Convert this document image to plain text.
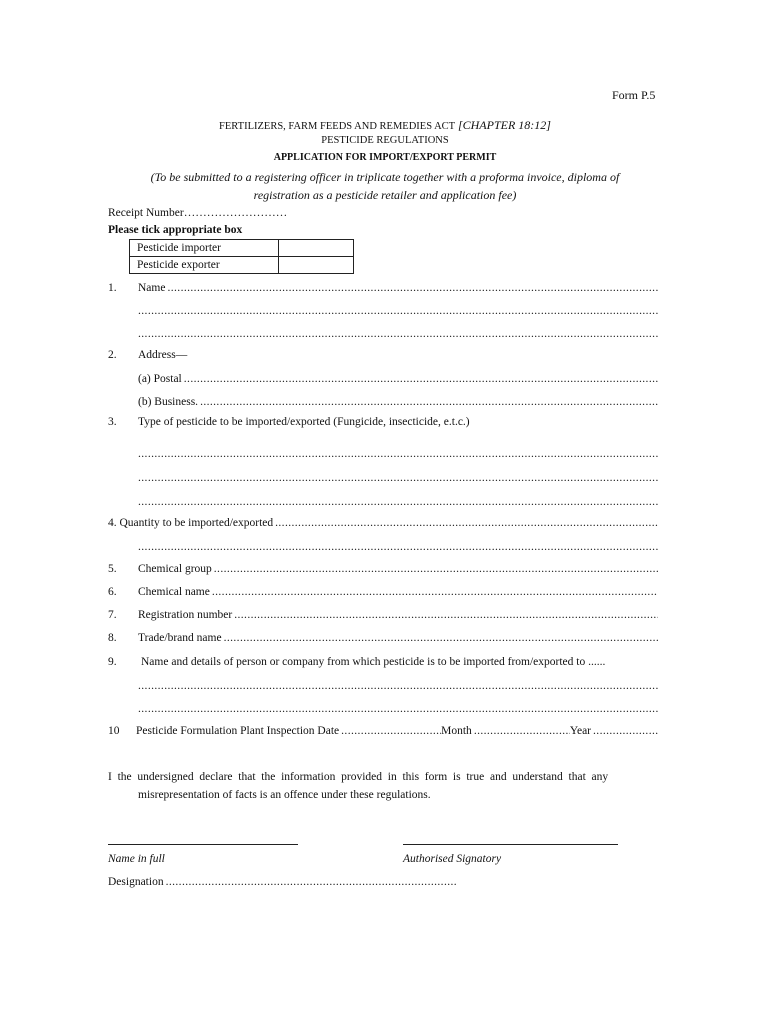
Form P.5
FERTILIZERS, FARM FEEDS AND REMEDIES ACT [CHAPTER 18:12]
PESTICIDE REGULATIONS
APPLICATION FOR IMPORT/EXPORT PERMIT
(To be submitted to a registering officer in triplicate together with a proforma invoice, diploma of
registration as a pesticide retailer and application fee)
Receipt Number………………………
Please tick appropriate box
Pesticide importer	
Pesticide exporter	
1.	Name
.....
.....
.....
2.	Address—
(a) Postal
.....
(b) Business.
.....
3.	Type of pesticide to be imported/exported (Fungicide, insecticide, e.t.c.)
.....
.....
.....
4. Quantity to be imported/exported
.....
.....
5.	Chemical group
.....
6.	Chemical name
.....
7.	Registration number
.....
8.	Trade/brand name
.....
9.	Name and details of person or company from which pesticide is to be imported from/exported to ......
.....
.....
10	Pesticide Formulation Plant Inspection Date .....	Month .....	Year
.....
I  the  undersigned  declare  that  the  information  provided  in  this  form  is  true  and  understand  that  any
misrepresentation of facts is an offence under these regulations.
Name in full	Authorised Signatory
Designation
.....
